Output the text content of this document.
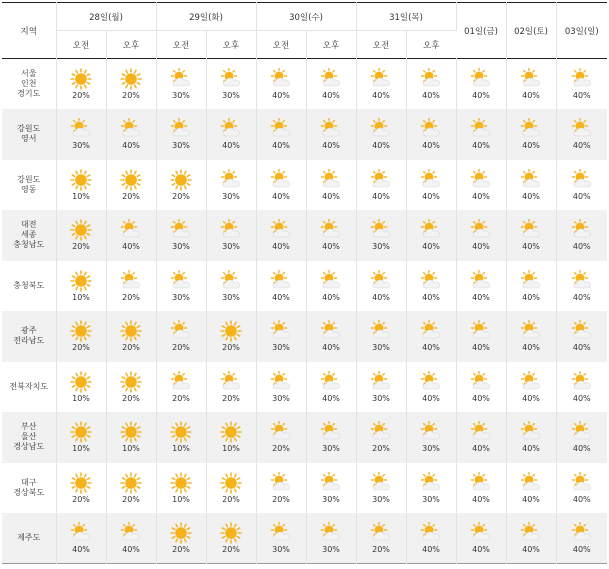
지역	28일(월)		29일(화)		30일(수)		31일(목)		01일(금)	02일(토)	03일(일)
	오전	오후	오전	오후	오전	오후	오전	오후			

서울
인천
경기도	20%	20%	30%	30%	40%	40%	40%	40%	40%	40%	40%

강원도
영서	30%	40%	30%	40%	40%	40%	40%	40%	40%	40%	40%

강원도
영동	10%	20%	20%	30%	40%	40%	40%	40%	40%	40%	40%

대전
세종
충청남도	20%	40%	30%	30%	40%	40%	30%	40%	40%	40%	40%

충청북도	10%	20%	30%	30%	40%	40%	40%	40%	40%	40%	40%

광주
전라남도	20%	20%	20%	20%	30%	40%	30%	40%	40%	40%	40%

전북자치도	10%	20%	20%	20%	30%	40%	30%	40%	40%	40%	40%

부산
울산
경상남도	10%	10%	10%	10%	20%	30%	20%	30%	40%	40%	40%

대구
경상북도	20%	20%	10%	20%	20%	30%	30%	30%	40%	40%	40%

제주도	40%	40%	20%	20%	30%	30%	20%	40%	40%	40%	40%
